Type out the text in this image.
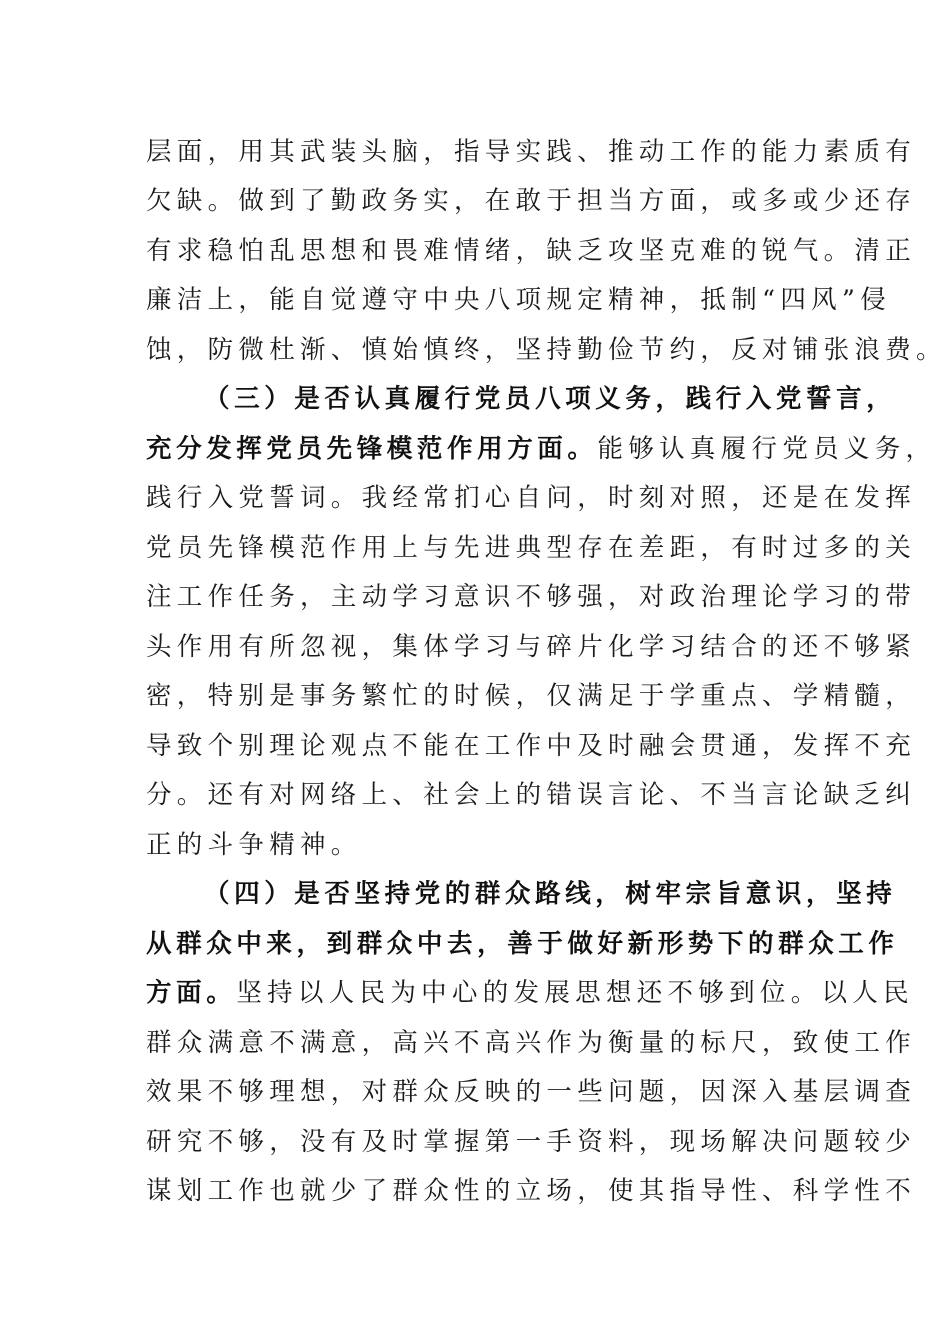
层面，用其武装头脑，指导实践、推动工作的能力素质有
欠缺。做到了勤政务实，在敢于担当方面，或多或少还存
有求稳怕乱思想和畏难情绪，缺乏攻坚克难的锐气。清正
廉洁上，能自觉遵守中央八项规定精神，抵制“四风”侵
蚀，防微杜渐、慎始慎终，坚持勤俭节约，反对铺张浪费。
（三）是否认真履行党员八项义务，践行入党誓言，
充分发挥党员先锋模范作用方面。能够认真履行党员义务，
践行入党誓词。我经常扪心自问，时刻对照，还是在发挥
党员先锋模范作用上与先进典型存在差距，有时过多的关
注工作任务，主动学习意识不够强，对政治理论学习的带
头作用有所忽视，集体学习与碎片化学习结合的还不够紧
密，特别是事务繁忙的时候，仅满足于学重点、学精髓，
导致个别理论观点不能在工作中及时融会贯通，发挥不充
分。还有对网络上、社会上的错误言论、不当言论缺乏纠
正的斗争精神。
（四）是否坚持党的群众路线，树牢宗旨意识，坚持
从群众中来，到群众中去，善于做好新形势下的群众工作
方面。坚持以人民为中心的发展思想还不够到位。以人民
群众满意不满意，高兴不高兴作为衡量的标尺，致使工作
效果不够理想，对群众反映的一些问题，因深入基层调查
研究不够，没有及时掌握第一手资料，现场解决问题较少
谋划工作也就少了群众性的立场，使其指导性、科学性不
